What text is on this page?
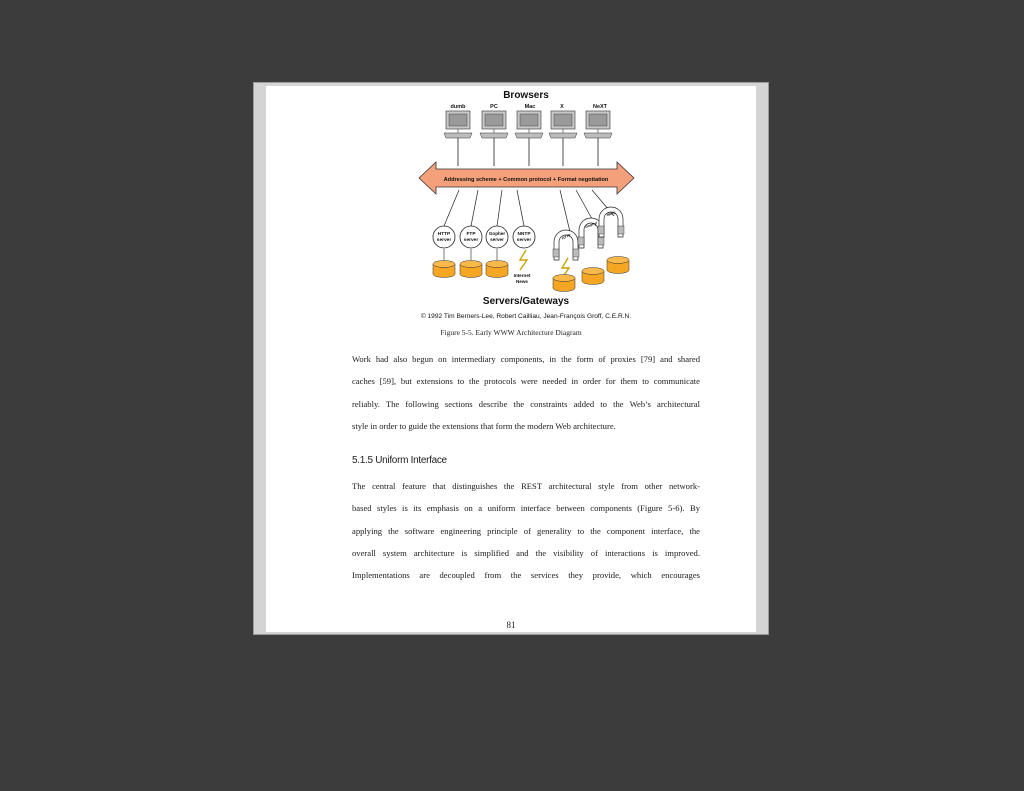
Browsers
dumb	PC	Mac	X	NeXT
Addressing scheme + Common protocol + Format negotiation
HTTP
server
FTP
server
Gopher
server
NNTP
server
Internet
News
HTTP
Gopher
WAIS
Servers/Gateways
© 1992 Tim Berners-Lee, Robert Cailliau, Jean-François Groff, C.E.R.N.
Figure 5-5. Early WWW Architecture Diagram
Work had also begun on intermediary components, in the form of proxies [79] and shared
caches [59], but extensions to the protocols were needed in order for them to communicate
reliably. The following sections describe the constraints added to the Web’s architectural
style in order to guide the extensions that form the modern Web architecture.
5.1.5 Uniform Interface
The central feature that distinguishes the REST architectural style from other network-
based styles is its emphasis on a uniform interface between components (Figure 5-6). By
applying the software engineering principle of generality to the component interface, the
overall system architecture is simplified and the visibility of interactions is improved.
Implementations are decoupled from the services they provide, which encourages
81
